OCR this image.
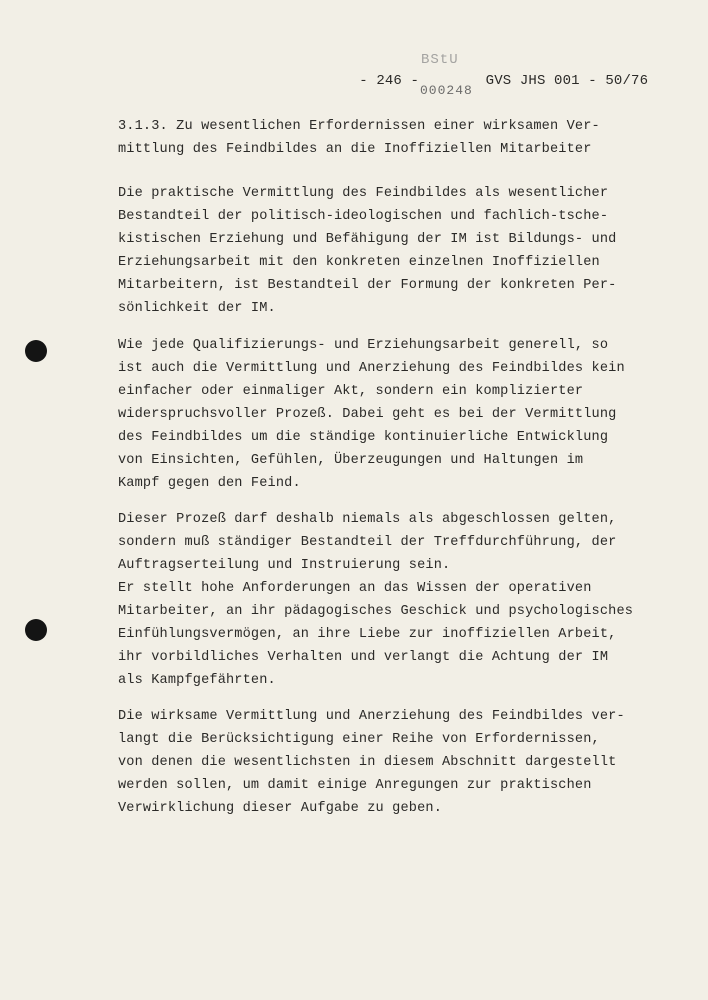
- 246 -	GVS JHS 001 - 50/76

BStU
000248
3.1.3. Zu wesentlichen Erfordernissen einer wirksamen Ver-
mittlung des Feindbildes an die Inoffiziellen Mitarbeiter
Die praktische Vermittlung des Feindbildes als wesentlicher
Bestandteil der politisch-ideologischen und fachlich-tsche-
kistischen Erziehung und Befähigung der IM ist Bildungs- und
Erziehungsarbeit mit den konkreten einzelnen Inoffiziellen
Mitarbeitern, ist Bestandteil der Formung der konkreten Per-
sönlichkeit der IM.
Wie jede Qualifizierungs- und Erziehungsarbeit generell, so
ist auch die Vermittlung und Anerziehung des Feindbildes kein
einfacher oder einmaliger Akt, sondern ein komplizierter
widerspruchsvoller Prozeß. Dabei geht es bei der Vermittlung
des Feindbildes um die ständige kontinuierliche Entwicklung
von Einsichten, Gefühlen, Überzeugungen und Haltungen im
Kampf gegen den Feind.
Dieser Prozeß darf deshalb niemals als abgeschlossen gelten,
sondern muß ständiger Bestandteil der Treffdurchführung, der
Auftragserteilung und Instruierung sein.
Er stellt hohe Anforderungen an das Wissen der operativen
Mitarbeiter, an ihr pädagogisches Geschick und psychologisches
Einfühlungsvermögen, an ihre Liebe zur inoffiziellen Arbeit,
ihr vorbildliches Verhalten und verlangt die Achtung der IM
als Kampfgefährten.
Die wirksame Vermittlung und Anerziehung des Feindbildes ver-
langt die Berücksichtigung einer Reihe von Erfordernissen,
von denen die wesentlichsten in diesem Abschnitt dargestellt
werden sollen, um damit einige Anregungen zur praktischen
Verwirklichung dieser Aufgabe zu geben.
